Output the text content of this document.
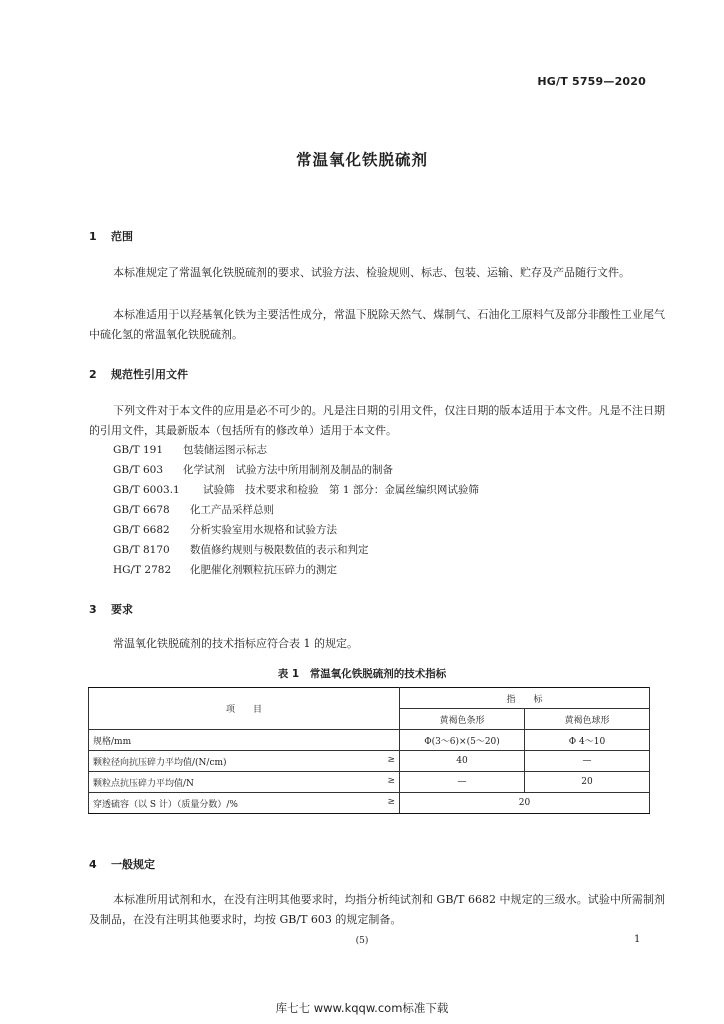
HG/T 5759—2020
常温氧化铁脱硫剂
1 范围
本标准规定了常温氧化铁脱硫剂的要求、试验方法、检验规则、标志、包装、运输、贮存及产品随行文件。
本标准适用于以羟基氧化铁为主要活性成分，常温下脱除天然气、煤制气、石油化工原料气及部分非酸性工业尾气中硫化氢的常温氧化铁脱硫剂。
2 规范性引用文件
下列文件对于本文件的应用是必不可少的。凡是注日期的引用文件，仅注日期的版本适用于本文件。凡是不注日期的引用文件，其最新版本（包括所有的修改单）适用于本文件。
GB/T 191 包装储运图示标志
GB/T 603 化学试剂　试验方法中所用制剂及制品的制备
GB/T 6003.1 试验筛　技术要求和检验　第 1 部分：金属丝编织网试验筛
GB/T 6678 化工产品采样总则
GB/T 6682 分析实验室用水规格和试验方法
GB/T 8170 数值修约规则与极限数值的表示和判定
HG/T 2782 化肥催化剂颗粒抗压碎力的测定
3 要求
常温氧化铁脱硫剂的技术指标应符合表 1 的规定。
表 1　常温氧化铁脱硫剂的技术指标
项　　目	指　　标	
	黄褐色条形	黄褐色球形
规格/mm	Φ(3～6)×(5～20)	Φ 4～10
颗粒径向抗压碎力平均值/(N/cm) ≥	40	—
颗粒点抗压碎力平均值/N ≥	—	20
穿透硫容（以 S 计）（质量分数）/% ≥	20	
4 一般规定
本标准所用试剂和水，在没有注明其他要求时，均指分析纯试剂和 GB/T 6682 中规定的三级水。试验中所需制剂及制品，在没有注明其他要求时，均按 GB/T 603 的规定制备。
(5)	1
库七七 www.kqqw.com标准下载
